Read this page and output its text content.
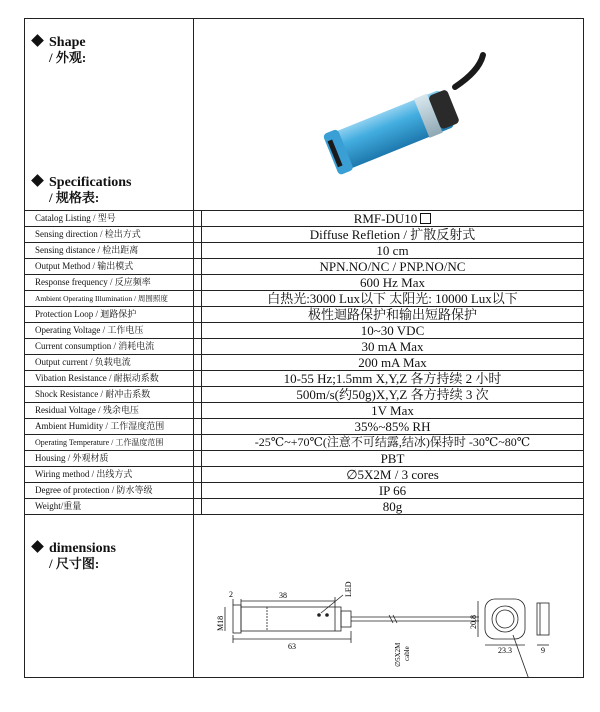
Shape
/ 外观:
Specifications
/ 规格表:
Catalog Listing / 型号	RMF-DU10
Sensing direction / 检出方式	Diffuse Refletion / 扩散反射式
Sensing distance / 检出距离	10 cm
Output Method / 输出模式	NPN.NO/NC / PNP.NO/NC
Response frequency / 反应频率	600 Hz Max
Ambient Operating Illumination / 周围照度	白热光:3000 Lux以下 太阳光: 10000 Lux以下
Protection Loop / 迴路保护	极性迴路保护和输出短路保护
Operating Voltage / 工作电压	10~30 VDC
Current consumption / 消耗电流	30 mA Max
Output current / 负载电流	200 mA Max
Vibation Resistance / 耐振动系数	10-55 Hz;1.5mm X,Y,Z 各方持续 2 小时
Shock Resistance / 耐冲击系数	500m/s(约50g)X,Y,Z 各方持续 3 次
Residual Voltage / 残余电压	1V Max
Ambient Humidity / 工作湿度范围	35%~85% RH
Operating Temperature / 工作温度范围	-25℃~+70℃(注意不可结露,结冰)保持时 -30℃~80℃
Housing / 外观材质	PBT
Wiring method / 出线方式	∅5X2M / 3 cores
Degree of protection / 防水等级	IP 66
Weight/重量	80g
dimensions
/ 尺寸图:
2	38
M18
63
LED
∅5X2M cable
20.8
23.3	9
